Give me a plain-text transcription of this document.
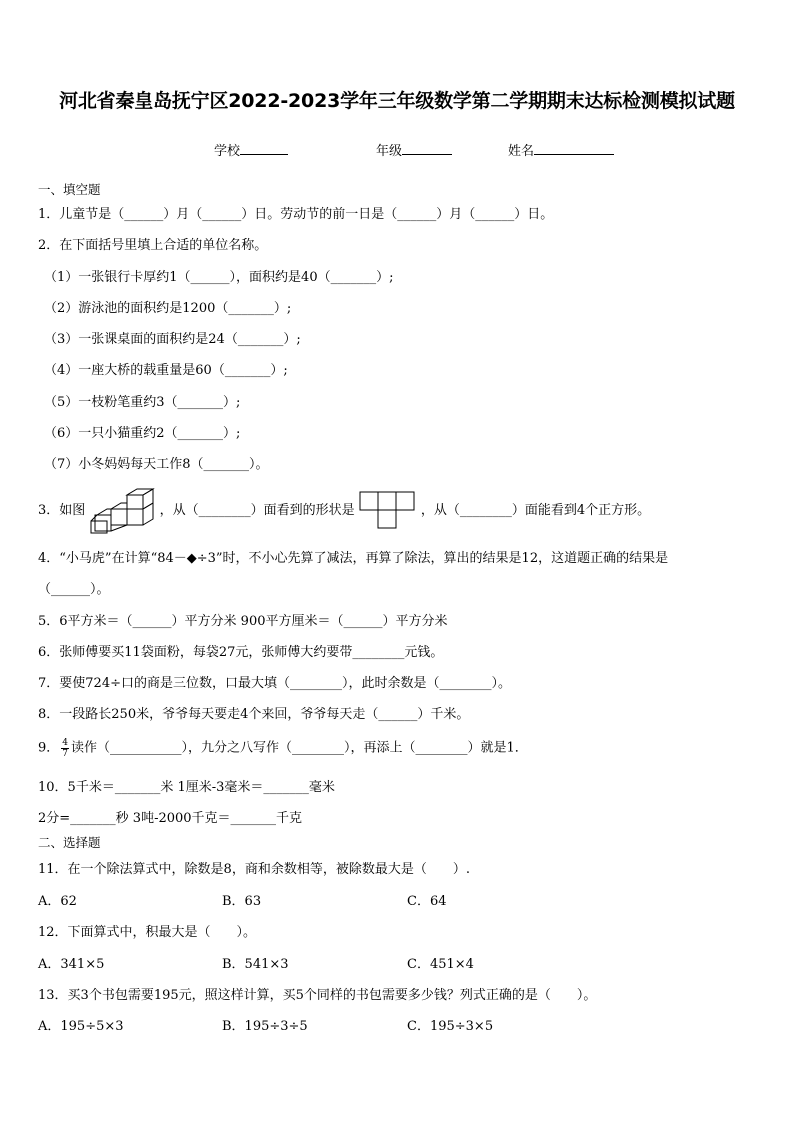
河北省秦皇岛抚宁区2022-2023学年三年级数学第二学期期末达标检测模拟试题
学校	年级	姓名
一、填空题
1．儿童节是（______）月（______）日。劳动节的前一日是（______）月（______）日。
2．在下面括号里填上合适的单位名称。
（1）一张银行卡厚约1（______），面积约是40（_______）;
（2）游泳池的面积约是1200（_______）;
（3）一张课桌面的面积约是24（_______）;
（4）一座大桥的载重量是60（_______）;
（5）一枝粉笔重约3（_______）;
（6）一只小猫重约2（_______）;
（7）小冬妈妈每天工作8（_______）。
3．如图	，从（________）面看到的形状是	，从（________）面能看到4个正方形。
4．“小马虎”在计算“84－◆÷3”时，不小心先算了减法，再算了除法，算出的结果是12，这道题正确的结果是
（______）。
5．6平方米＝（______）平方分米 900平方厘米＝（______）平方分米
6．张师傅要买11袋面粉，每袋27元，张师傅大约要带________元钱。
7．要使724÷口的商是三位数，口最大填（________），此时余数是（________）。
8．一段路长250米，爷爷每天要走4个来回，爷爷每天走（______）千米。
9． $\frac{4}{7}$ 读作（___________），九分之八写作（________），再添上（________）就是1．
10．5千米＝_______米 1厘米-3毫米＝_______毫米
2分=_______秒 3吨-2000千克＝_______千克
二、选择题
11．在一个除法算式中，除数是8，商和余数相等，被除数最大是（　　）.
A．62	B．63	C．64
12．下面算式中，积最大是（　　）。
A．341×5	B．541×3	C．451×4
13．买3个书包需要195元，照这样计算，买5个同样的书包需要多少钱？列式正确的是（　　）。
A．195÷5×3	B．195÷3÷5	C．195÷3×5
